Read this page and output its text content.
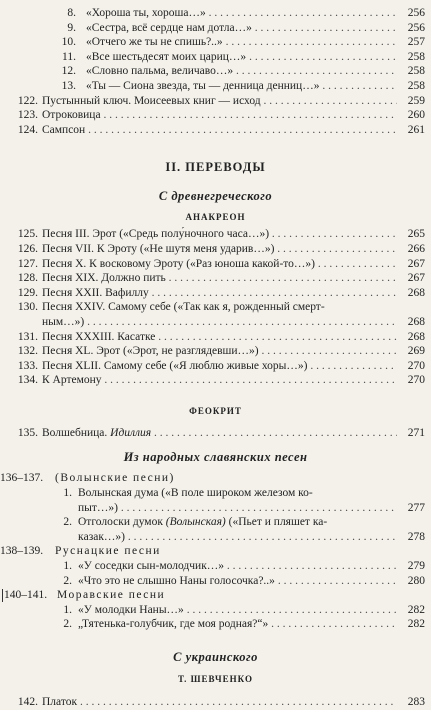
8. «Хороша ты, хороша…» . . .	256
9. «Сестра, всё сердце нам дотла…» . . .	256
10. «Отчего же ты не спишь?..» . . .	257
11. «Все шестьдесят моих цариц…» . . .	258
12. «Словно пальма, величаво…» . . .	258
13. «Ты — Сиона звезда, ты — денница денниц…» . . .	258
122. Пустынный ключ. Моисеевых книг — исход . . .	259
123. Отроковица . . .	260
124. Сампсон . . .	261
II. ПЕРЕВОДЫ
С древнегреческого
АНАКРЕОН
125. Песня III. Эрот («Средь полу́ночного часа…») . . .	265
126. Песня VII. К Эроту («Не шутя меня ударив…») . . .	266
127. Песня X. К восковому Эроту («Раз юноша какой-то…») . . .	267
128. Песня XIX. Должно пить . . .	267
129. Песня XXII. Вафиллу . . .	268
130. Песня XXIV. Самому себе («Так как я, рожденный смерт-
ным…») . . .	268
131. Песня XXXIII. Касатке . . .	268
132. Песня XL. Эрот («Эрот, не разглядевши…») . . .	269
133. Песня XLII. Самому себе («Я люблю живые хоры…») . . .	270
134. К Артемону . . .	270
ФЕОКРИТ
135. Волшебница. Идиллия . . .	271
Из народных славянских песен
136–137.	(Волынские песни)
1. Волынская дума («В поле широком железом ко-
пыт…») . . .	277
2. Отголоски думок (Волынская) («Пьет и пляшет ка-
кaзак…») . . .	278
138–139.	Руснацкие песни
1. «У соседки сын-молодчик…» . . .	279
2. «Что это не слышно Наны голосочка?..» . . .	280
140–141. Моравские песни
1. «У молодки Наны…» . . .	282
2. „Тятенька-голубчик, где моя родная?“» . . .	282
С украинского
Т. ШЕВЧЕНКО
142. Платок . . .	283
